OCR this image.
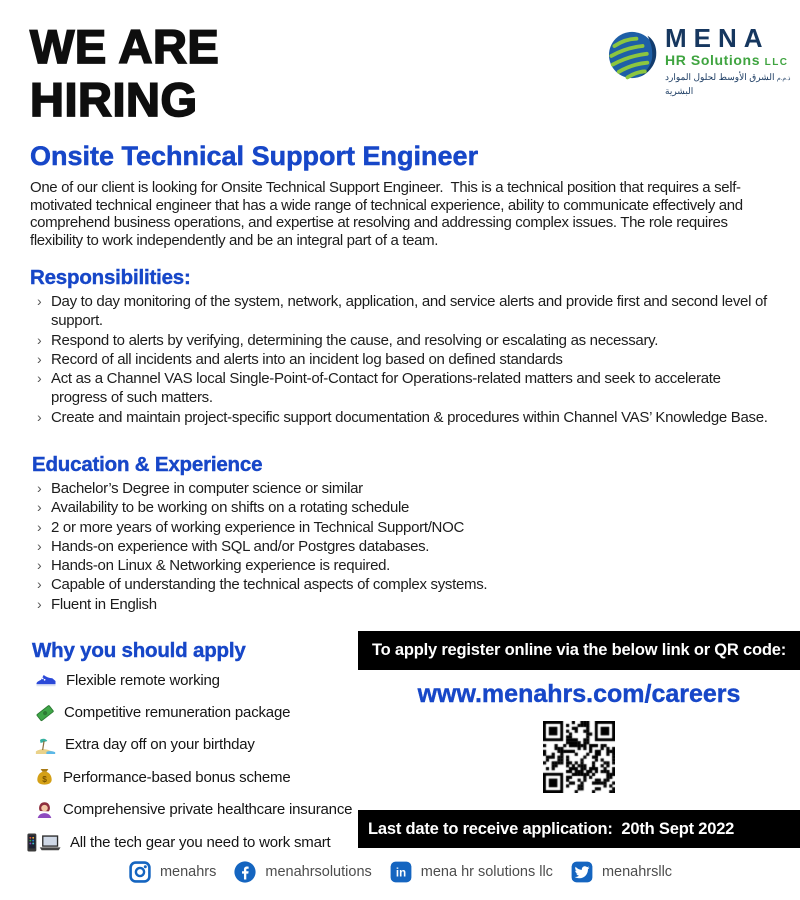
WE ARE
HIRING
MENA
HR Solutions LLC
ذ.م.م الشرق الأوسط لحلول الموارد البشرية
Onsite Technical Support Engineer
One of our client is looking for Onsite Technical Support Engineer.  This is a technical position that requires a self-motivated technical engineer that has a wide range of technical experience, ability to communicate effectively and comprehend business operations, and expertise at resolving and addressing complex issues. The role requires flexibility to work independently and be an integral part of a team.
Responsibilities:
› Day to day monitoring of the system, network, application, and service alerts and provide first and second level of support.
› Respond to alerts by verifying, determining the cause, and resolving or escalating as necessary.
› Record of all incidents and alerts into an incident log based on defined standards
› Act as a Channel VAS local Single-Point-of-Contact for Operations-related matters and seek to accelerate progress of such matters.
› Create and maintain project-specific support documentation & procedures within Channel VAS’ Knowledge Base.
Education & Experience
› Bachelor’s Degree in computer science or similar
› Availability to be working on shifts on a rotating schedule
› 2 or more years of working experience in Technical Support/NOC
› Hands-on experience with SQL and/or Postgres databases.
› Hands-on Linux & Networking experience is required.
› Capable of understanding the technical aspects of complex systems.
› Fluent in English
Why you should apply
Flexible remote working
Competitive remuneration package
Extra day off on your birthday
$ Performance-based bonus scheme
Comprehensive private healthcare insurance
All the tech gear you need to work smart
To apply register online via the below link or QR code:
www.menahrs.com/careers
Last date to receive application:  20th Sept 2022
menahrs	menahrsolutions in mena hr solutions llc	menahrsllc
